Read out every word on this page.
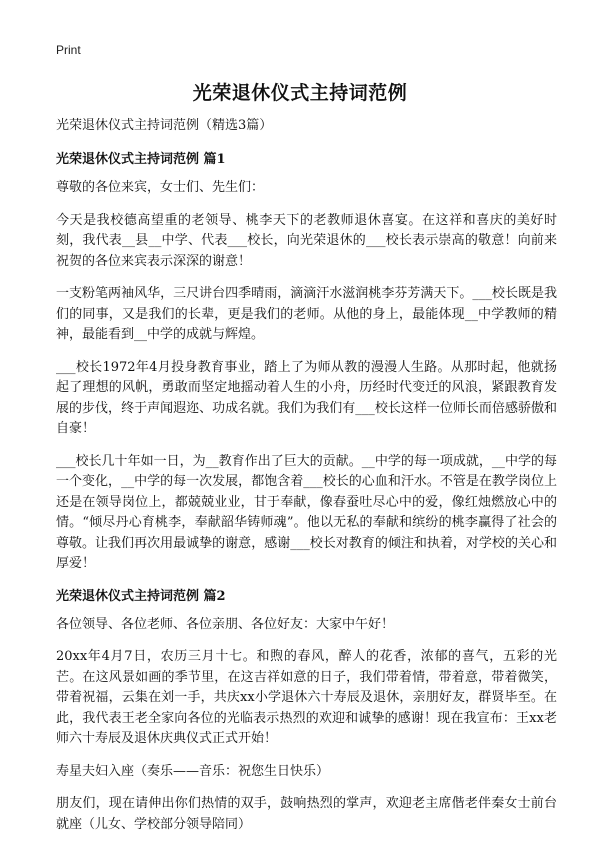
Print
光荣退休仪式主持词范例

光荣退休仪式主持词范例（精选3篇）

光荣退休仪式主持词范例 篇1

尊敬的各位来宾，女士们、先生们：

今天是我校德高望重的老领导、桃李天下的老教师退休喜宴。在这祥和喜庆的美好时刻，我代表__县__中学、代表___校长，向光荣退休的___校长表示崇高的敬意！向前来祝贺的各位来宾表示深深的谢意！

一支粉笔两袖风华，三尺讲台四季晴雨，滴滴汗水滋润桃李芬芳满天下。___校长既是我们的同事，又是我们的长辈，更是我们的老师。从他的身上，最能体现__中学教师的精神，最能看到__中学的成就与辉煌。

___校长1972年4月投身教育事业，踏上了为师从教的漫漫人生路。从那时起，他就扬起了理想的风帆，勇敢而坚定地摇动着人生的小舟，历经时代变迁的风浪，紧跟教育发展的步伐，终于声闻遐迩、功成名就。我们为我们有___校长这样一位师长而倍感骄傲和自豪！

___校长几十年如一日，为__教育作出了巨大的贡献。__中学的每一项成就，__中学的每一个变化，__中学的每一次发展，都饱含着___校长的心血和汗水。不管是在教学岗位上还是在领导岗位上，都兢兢业业，甘于奉献，像春蚕吐尽心中的爱，像红烛燃放心中的情。“倾尽丹心育桃李，奉献韶华铸师魂”。他以无私的奉献和缤纷的桃李赢得了社会的尊敬。让我们再次用最诚挚的谢意，感谢___校长对教育的倾注和执着，对学校的关心和厚爱！

光荣退休仪式主持词范例 篇2

各位领导、各位老师、各位亲朋、各位好友：大家中午好！

20xx年4月7日，农历三月十七。和煦的春风，醉人的花香，浓郁的喜气，五彩的光芒。在这风景如画的季节里，在这吉祥如意的日子，我们带着情，带着意，带着微笑，带着祝福，云集在刘一手，共庆xx小学退休六十寿辰及退休，亲朋好友，群贤毕至。在此，我代表王老全家向各位的光临表示热烈的欢迎和诚挚的感谢！现在我宣布：王xx老师六十寿辰及退休庆典仪式正式开始！

寿星夫妇入座（奏乐——音乐：祝您生日快乐）

朋友们，现在请伸出你们热情的双手，鼓响热烈的掌声，欢迎老主席偕老伴秦女士前台就座（儿女、学校部分领导陪同）
